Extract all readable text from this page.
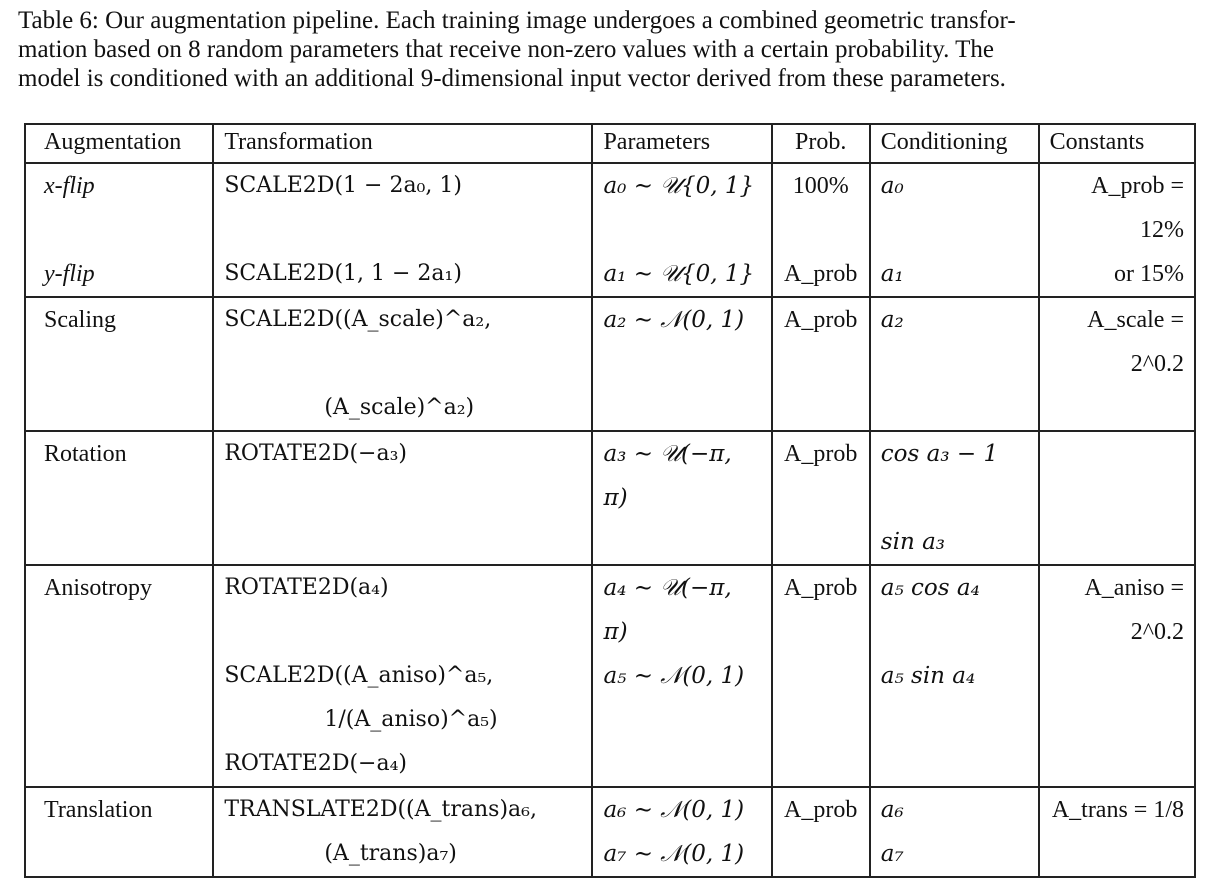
Table 6: Our augmentation pipeline. Each training image undergoes a combined geometric transfor-
mation based on 8 random parameters that receive non-zero values with a certain probability. The
model is conditioned with an additional 9-dimensional input vector derived from these parameters.
Augmentation	Transformation	Parameters	Prob.	Conditioning	Constants
x-flip	SCALE2D(1 − 2a₀, 1)	a₀ ∼ 𝒰{0, 1}	100%	a₀	A_prob = 12%
y-flip	SCALE2D(1, 1 − 2a₁)	a₁ ∼ 𝒰{0, 1}	A_prob	a₁	or 15%
Scaling	SCALE2D((A_scale)^a₂,	a₂ ∼ 𝒩(0, 1)	A_prob	a₂	A_scale = 2^0.2
	(A_scale)^a₂)				
Rotation	ROTATE2D(−a₃)	a₃ ∼ 𝒰(−π, π)	A_prob	cos a₃ − 1	
				sin a₃	
Anisotropy	ROTATE2D(a₄)	a₄ ∼ 𝒰(−π, π)	A_prob	a₅ cos a₄	A_aniso = 2^0.2
	SCALE2D((A_aniso)^a₅,	a₅ ∼ 𝒩(0, 1)		a₅ sin a₄	
	1/(A_aniso)^a₅)				
	ROTATE2D(−a₄)				
Translation	TRANSLATE2D((A_trans)a₆,	a₆ ∼ 𝒩(0, 1)	A_prob	a₆	A_trans = 1/8
	(A_trans)a₇)	a₇ ∼ 𝒩(0, 1)		a₇	
